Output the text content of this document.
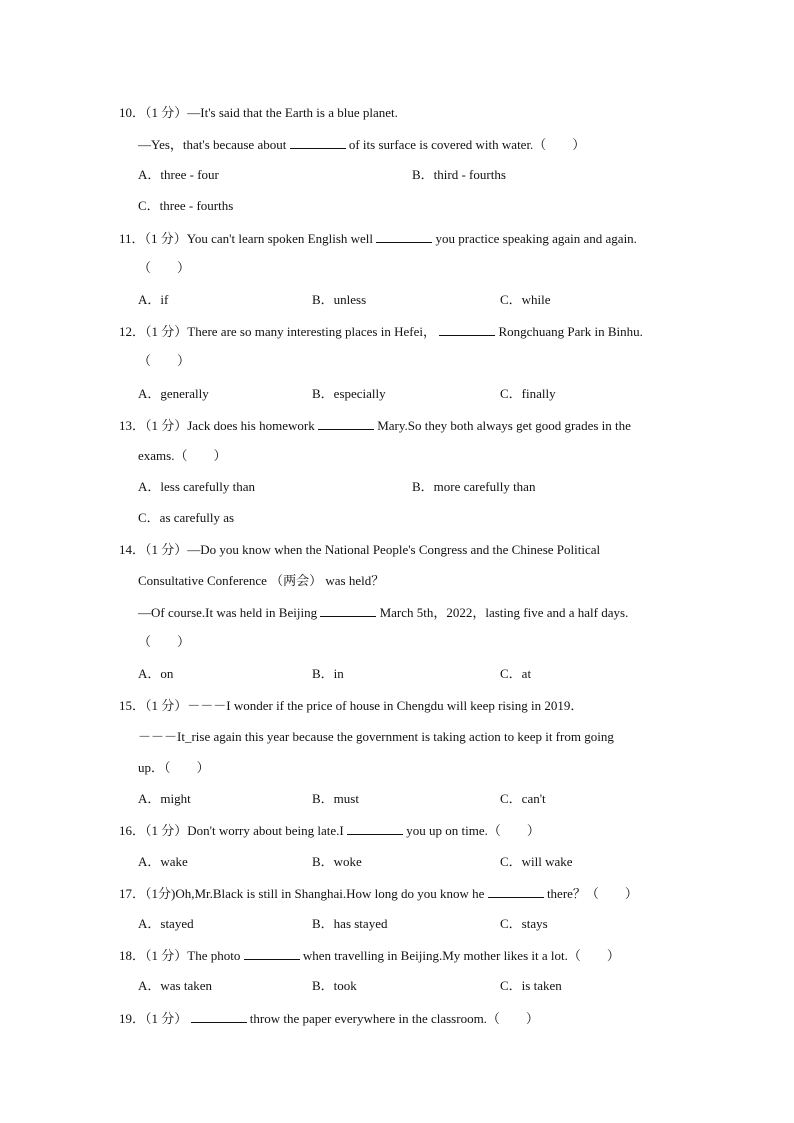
10．（1 分）—It's said that the Earth is a blue planet.
—Yes，that's because about	of its surface is covered with water.（　　）
A．three - four	B．third - fourths
C．three - fourths
11．（1 分）You can't learn spoken English well	you practice speaking again and again.
（　　）
A．if	B．unless	C．while
12．（1 分）There are so many interesting places in Hefei，	Rongchuang Park in Binhu.
（　　）
A．generally	B．especially	C．finally
13．（1 分）Jack does his homework	Mary.So they both always get good grades in the
exams.（　　）
A．less carefully than	B．more carefully than
C．as carefully as
14．（1 分）—Do you know when the National People's Congress and the Chinese Political
Consultative Conference （两会） was held？
—Of course.It was held in Beijing	March 5th，2022，lasting five and a half days.
（　　）
A．on	B．in	C．at
15．（1 分）－－－I wonder if the price of house in Chengdu will keep rising in 2019．
－－－It_rise again this year because the government is taking action to keep it from going
up．（　　）
A．might	B．must	C．can't
16．（1 分）Don't worry about being late.I	you up on time.（　　）
A．wake	B．woke	C．will wake
17．（1分)Oh,Mr.Black is still in Shanghai.How long do you know he	there？（　　）
A．stayed	B．has stayed	C．stays
18．（1 分）The photo	when travelling in Beijing.My mother likes it a lot.（　　）
A．was taken	B．took	C．is taken
19．（1 分）	throw the paper everywhere in the classroom.（　　）
